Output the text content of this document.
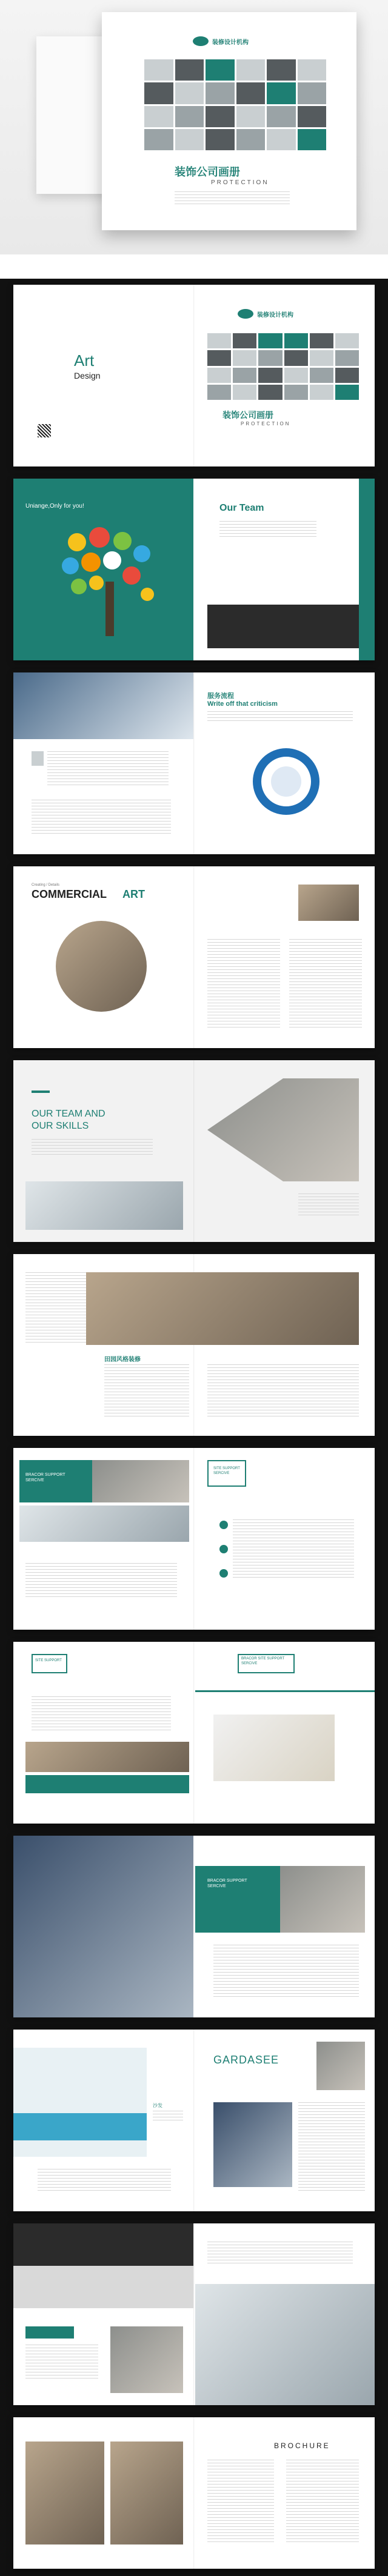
装修设计机构
装饰公司画册
PROTECTION
Art
Design
装修设计机构
装饰公司画册
PROTECTION
Uniange,Only for you!	Our Team
服务流程
Write off that criticism
Creating / Details
COMMERCIAL ART
OUR TEAM AND
OUR SKILLS
田园风格装修
BRACOR SUPPORT SERCIVE
SITE SUPPORT SERCIVE
SITE SUPPORT	BRACOR SITE SUPPORT SERCIVE
BRACOR SUPPORT SERCIVE
沙发
GARDASEE
BROCHURE
